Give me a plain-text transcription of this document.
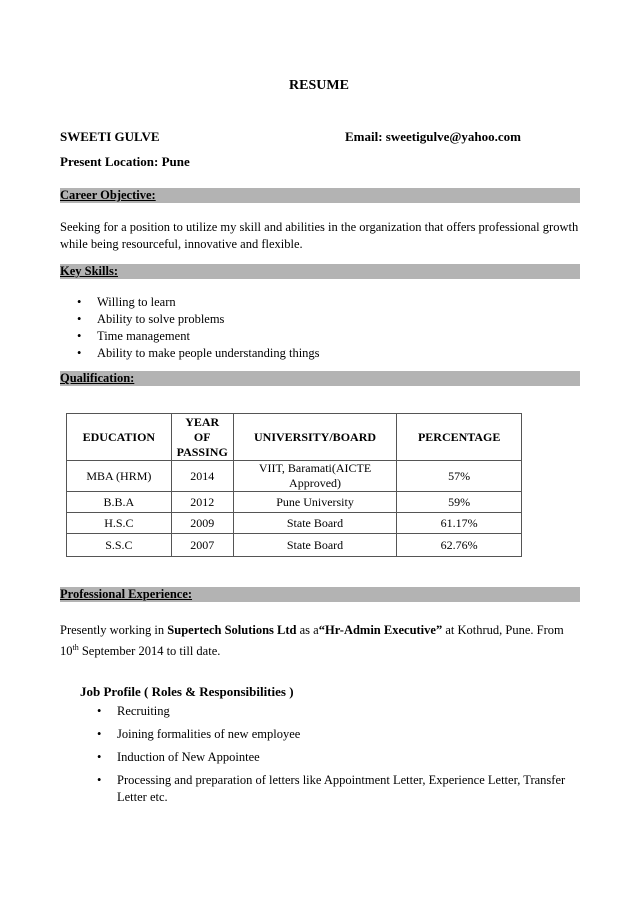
RESUME
SWEETI GULVE	Email: sweetigulve@yahoo.com
Present Location: Pune
Career Objective:
Seeking for a position to utilize my skill and abilities in the organization that offers professional growth while being resourceful, innovative and flexible.
Key Skills:
• Willing to learn
• Ability to solve problems
• Time management
• Ability to make people understanding things
Qualification:
EDUCATION	YEAR OF PASSING	UNIVERSITY/BOARD	PERCENTAGE
MBA (HRM)	2014	VIIT, Baramati(AICTE Approved)	57%
B.B.A	2012	Pune University	59%
H.S.C	2009	State Board	61.17%
S.S.C	2007	State Board	62.76%
Professional Experience:
Presently working in Supertech Solutions Ltd as a“Hr-Admin Executive” at Kothrud, Pune. From 10th September 2014 to till date.
Job Profile ( Roles & Responsibilities )
• Recruiting
• Joining formalities of new employee
• Induction of New Appointee
• Processing and preparation of letters like Appointment Letter, Experience Letter, Transfer Letter etc.
